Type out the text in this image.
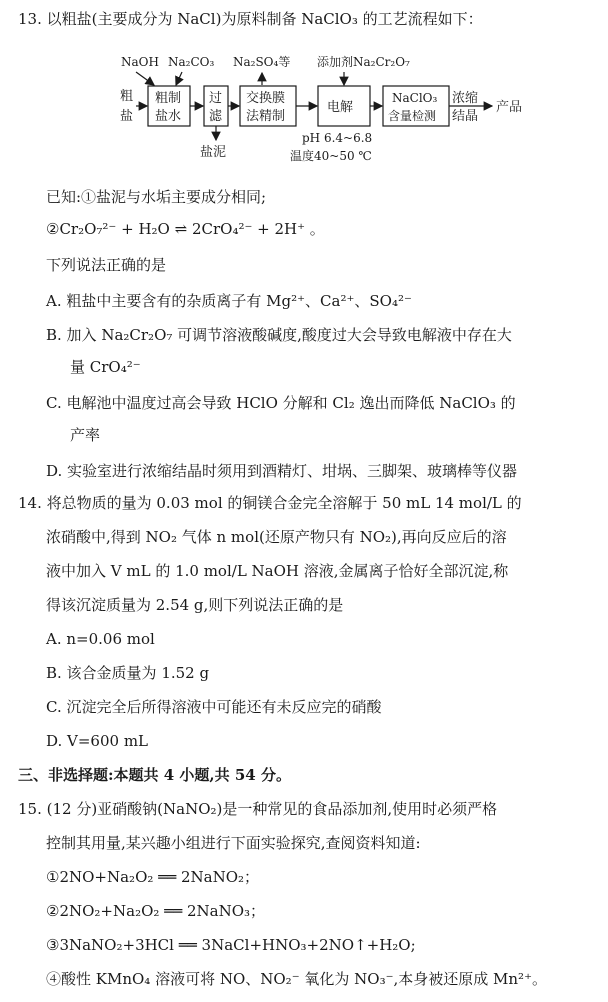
13. 以粗盐(主要成分为 NaCl)为原料制备 NaClO₃ 的工艺流程如下：
NaOH Na₂CO₃ Na₂SO₄等 添加剂Na₂Cr₂O₇
粗
盐
粗制
盐水
过
滤
盐泥
交换膜
法精制
电解
pH 6.4~6.8
温度40~50 ℃
NaClO₃
含量检测
浓缩
结晶
产品
已知:①盐泥与水垢主要成分相同;
②Cr₂O₇²⁻ + H₂O ⇌ 2CrO₄²⁻ + 2H⁺ 。
下列说法正确的是
A. 粗盐中主要含有的杂质离子有 Mg²⁺、Ca²⁺、SO₄²⁻
B. 加入 Na₂Cr₂O₇ 可调节溶液酸碱度,酸度过大会导致电解液中存在大
量 CrO₄²⁻
C. 电解池中温度过高会导致 HClO 分解和 Cl₂ 逸出而降低 NaClO₃ 的
产率
D. 实验室进行浓缩结晶时须用到酒精灯、坩埚、三脚架、玻璃棒等仪器
14. 将总物质的量为 0.03 mol 的铜镁合金完全溶解于 50 mL 14 mol/L 的
浓硝酸中,得到 NO₂ 气体 n mol(还原产物只有 NO₂),再向反应后的溶
液中加入 V mL 的 1.0 mol/L NaOH 溶液,金属离子恰好全部沉淀,称
得该沉淀质量为 2.54 g,则下列说法正确的是
A. n=0.06 mol
B. 该合金质量为 1.52 g
C. 沉淀完全后所得溶液中可能还有未反应完的硝酸
D. V=600 mL
三、非选择题:本题共 4 小题,共 54 分。
15. (12 分)亚硝酸钠(NaNO₂)是一种常见的食品添加剂,使用时必须严格
控制其用量,某兴趣小组进行下面实验探究,查阅资料知道:
①2NO+Na₂O₂ ══ 2NaNO₂；
②2NO₂+Na₂O₂ ══ 2NaNO₃；
③3NaNO₂+3HCl ══ 3NaCl+HNO₃+2NO↑+H₂O;
④酸性 KMnO₄ 溶液可将 NO、NO₂⁻ 氧化为 NO₃⁻,本身被还原成 Mn²⁺。
